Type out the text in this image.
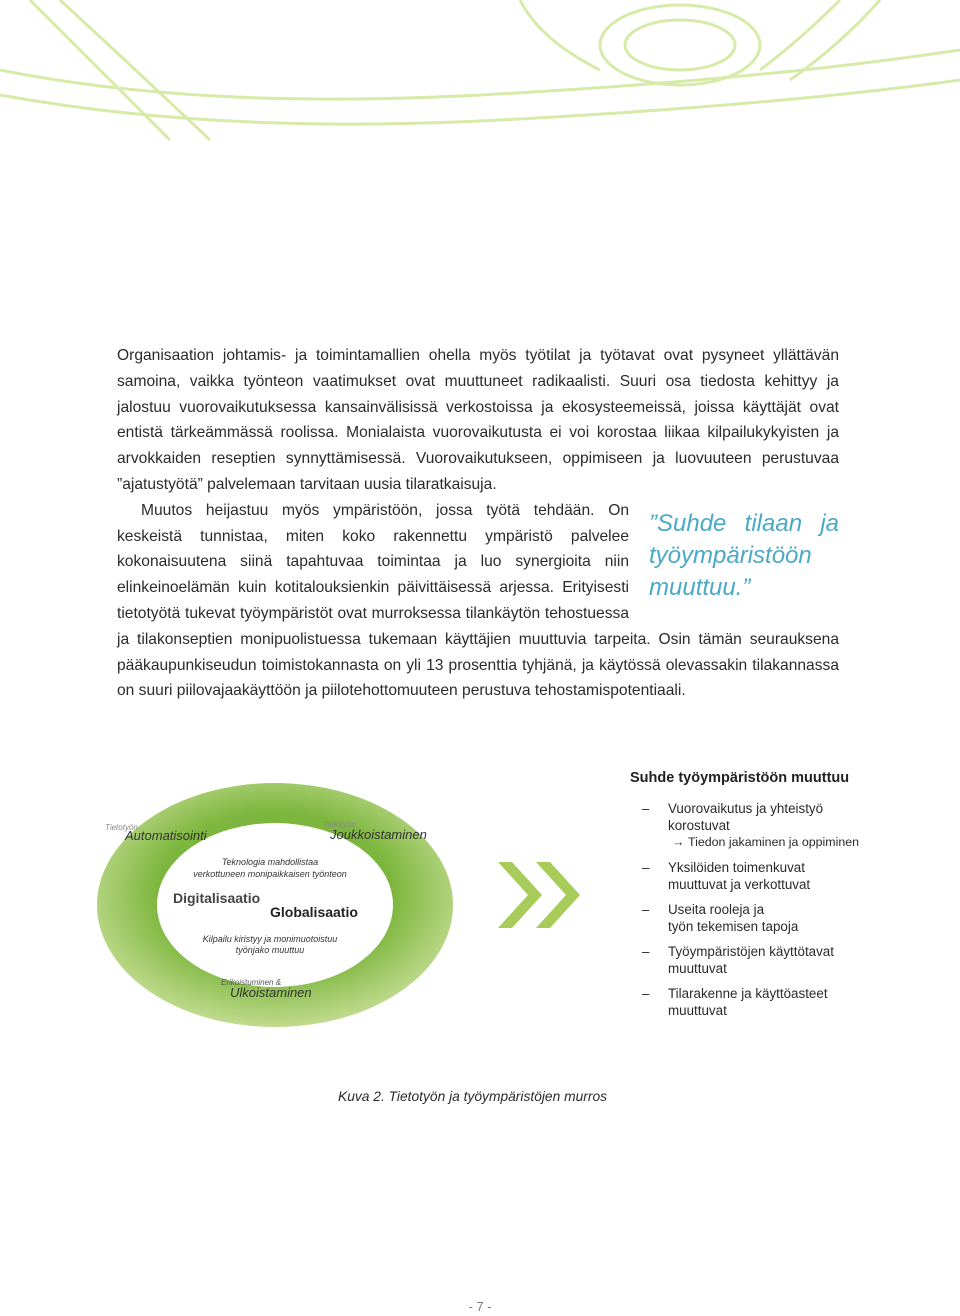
Organisaation johtamis- ja toimintamallien ohella myös työtilat ja työtavat ovat pysyneet yllättävän samoina, vaikka työnteon vaatimukset ovat muuttuneet radikaalisti. Suuri osa tiedosta kehittyy ja jalostuu vuorovaikutuksessa kansainvälisissä verkostoissa ja ekosysteemeissä, joissa käyttäjät ovat entistä tärkeämmässä roolissa. Monialaista vuorovaikutusta ei voi korostaa liikaa kilpailukykyisten ja arvokkaiden reseptien synnyttämisessä. Vuorovaikutukseen, oppimiseen ja luovuuteen perustuvaa ”ajatustyötä” palvelemaan tarvitaan uusia tilaratkaisuja.
”Suhde tilaan ja työympäristöön muuttuu.”
Muutos heijastuu myös ympäristöön, jossa työtä tehdään. On keskeistä tunnistaa, miten koko rakennettu ympäristö palvelee kokonaisuutena siinä tapahtuvaa toimintaa ja luo synergioita niin elinkeinoelämän kuin kotitalouksienkin päivittäisessä arjessa. Erityisesti tietotyötä tukevat työympäristöt ovat murroksessa tilankäytön tehostuessa ja tilakonseptien monipuolistuessa tukemaan käyttäjien muuttuvia tarpeita. Osin tämän seurauksena pääkaupunkiseudun toimistokannasta on yli 13 prosenttia tyhjänä, ja käytössä olevassakin tilakannassa on suuri piilovajaakäyttöön ja piilotehottomuuteen perustuva tehostamispotentiaali.
Tietotyön
Automatisointi
Tietotyön
Joukkoistaminen
Teknologia mahdollistaa
verkottuneen monipaikkaisen työnteon
Digitalisaatio
Globalisaatio
Kilpailu kiristyy ja monimuotoistuu
työnjako muuttuu
Erikoistuminen &
Ulkoistaminen
Suhde työympäristöön muuttuu
– Vuorovaikutus ja yhteistyö
korostuvat
→ Tiedon jakaminen ja oppiminen
– Yksilöiden toimenkuvat
muuttuvat ja verkottuvat
– Useita rooleja ja
työn tekemisen tapoja
– Työympäristöjen käyttötavat
muuttuvat
– Tilarakenne ja käyttöasteet
muuttuvat
Kuva 2. Tietotyön ja työympäristöjen murros
- 7 -
